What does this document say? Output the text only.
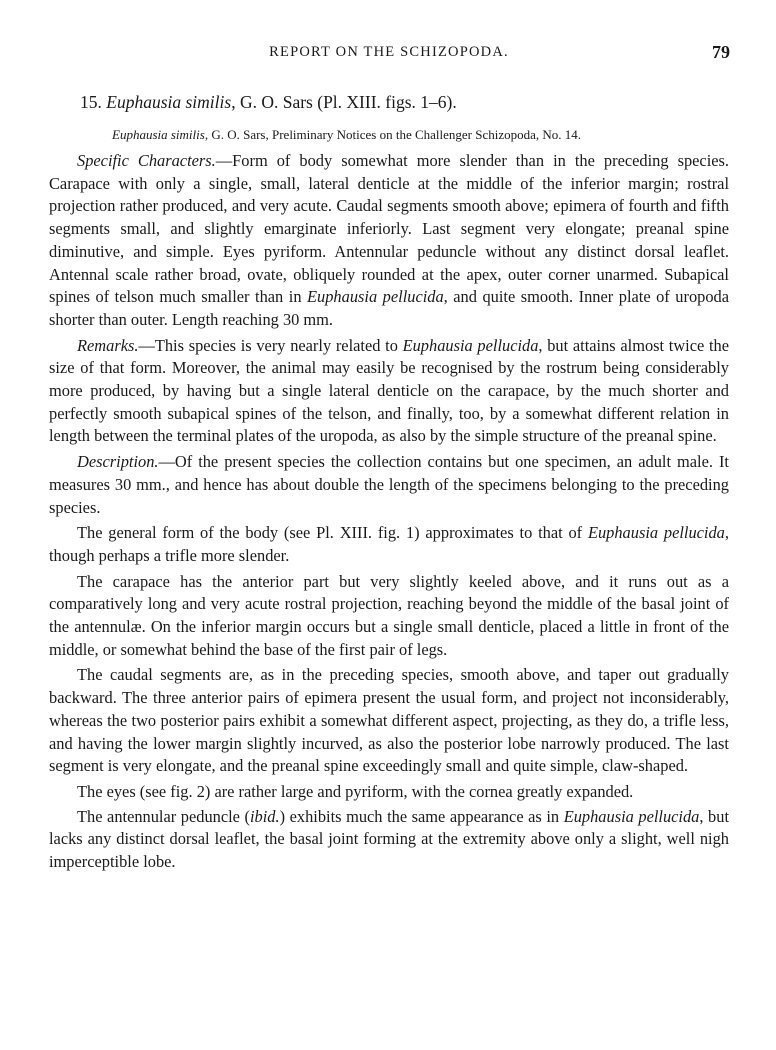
REPORT ON THE SCHIZOPODA.	79
15. Euphausia similis, G. O. Sars (Pl. XIII. figs. 1–6).
Euphausia similis, G. O. Sars, Preliminary Notices on the Challenger Schizopoda, No. 14.

Specific Characters.—Form of body somewhat more slender than in the preceding species. Carapace with only a single, small, lateral denticle at the middle of the inferior margin; rostral projection rather produced, and very acute. Caudal segments smooth above; epimera of fourth and fifth segments small, and slightly emarginate inferiorly. Last segment very elongate; preanal spine diminutive, and simple. Eyes pyriform. Antennular peduncle without any distinct dorsal leaflet. Antennal scale rather broad, ovate, obliquely rounded at the apex, outer corner unarmed. Subapical spines of telson much smaller than in Euphausia pellucida, and quite smooth. Inner plate of uropoda shorter than outer. Length reaching 30 mm.

Remarks.—This species is very nearly related to Euphausia pellucida, but attains almost twice the size of that form. Moreover, the animal may easily be recognised by the rostrum being considerably more produced, by having but a single lateral denticle on the carapace, by the much shorter and perfectly smooth subapical spines of the telson, and finally, too, by a somewhat different relation in length between the terminal plates of the uropoda, as also by the simple structure of the preanal spine.

Description.—Of the present species the collection contains but one specimen, an adult male. It measures 30 mm., and hence has about double the length of the specimens belonging to the preceding species.

The general form of the body (see Pl. XIII. fig. 1) approximates to that of Euphausia pellucida, though perhaps a trifle more slender.

The carapace has the anterior part but very slightly keeled above, and it runs out as a comparatively long and very acute rostral projection, reaching beyond the middle of the basal joint of the antennulæ. On the inferior margin occurs but a single small denticle, placed a little in front of the middle, or somewhat behind the base of the first pair of legs.

The caudal segments are, as in the preceding species, smooth above, and taper out gradually backward. The three anterior pairs of epimera present the usual form, and project not inconsiderably, whereas the two posterior pairs exhibit a somewhat different aspect, projecting, as they do, a trifle less, and having the lower margin slightly incurved, as also the posterior lobe narrowly produced. The last segment is very elongate, and the preanal spine exceedingly small and quite simple, claw-shaped.

The eyes (see fig. 2) are rather large and pyriform, with the cornea greatly expanded.

The antennular peduncle (ibid.) exhibits much the same appearance as in Euphausia pellucida, but lacks any distinct dorsal leaflet, the basal joint forming at the extremity above only a slight, well nigh imperceptible lobe.
